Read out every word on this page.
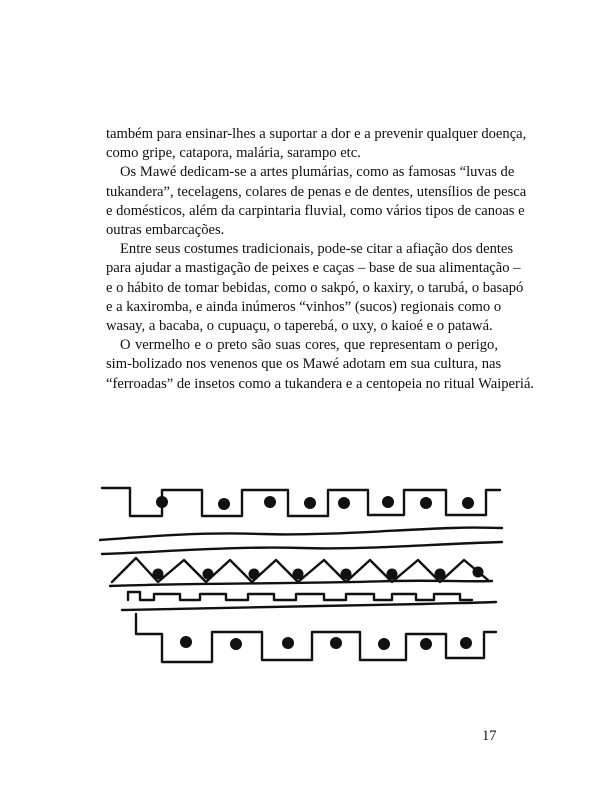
também para ensinar-lhes a suportar a dor e a prevenir qualquer doença,
como gripe, catapora, malária, sarampo etc.

Os Mawé dedicam-se a artes plumárias, como as famosas “luvas de
tukandera”, tecelagens, colares de penas e de dentes, utensílios de pesca
e domésticos, além da carpintaria fluvial, como vários tipos de canoas e
outras embarcações.

Entre seus costumes tradicionais, pode-se citar a afiação dos dentes
para ajudar a mastigação de peixes e caças – base de sua alimentação –
e o hábito de tomar bebidas, como o sakpó, o kaxiry, o tarubá, o basapó
e a kaxiromba, e ainda inúmeros “vinhos” (sucos) regionais como o
wasay, a bacaba, o cupuaçu, o taperebá, o uxy, o kaioé e o patawá.

O vermelho e o preto são suas cores, que representam o perigo,
sim-bolizado nos venenos que os Mawé adotam em sua cultura, nas
“ferroadas” de insetos como a tukandera e a centopeia no ritual Waiperiá.

17
